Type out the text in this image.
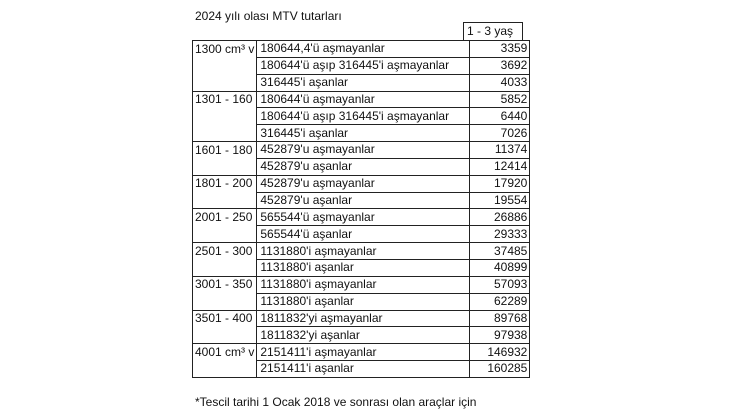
2024 yılı olası MTV tutarları
1 - 3 yaş
1300 cm³ v	180644,4'ü aşmayanlar	3359
	180644'ü aşıp 316445'i aşmayanlar	3692
	316445'i aşanlar	4033
1301 - 160	180644'ü aşmayanlar	5852
	180644'ü aşıp 316445'i aşmayanlar	6440
	316445'i aşanlar	7026
1601 - 180	452879'u aşmayanlar	11374
	452879'u aşanlar	12414
1801 - 200	452879'u aşmayanlar	17920
	452879'u aşanlar	19554
2001 - 250	565544'ü aşmayanlar	26886
	565544'ü aşanlar	29333
2501 - 300	1131880'i aşmayanlar	37485
	1131880'i aşanlar	40899
3001 - 350	1131880'i aşmayanlar	57093
	1131880'i aşanlar	62289
3501 - 400	1811832'yi aşmayanlar	89768
	1811832'yi aşanlar	97938
4001 cm³ v	2151411'i aşmayanlar	146932
	2151411'i aşanlar	160285
*Tescil tarihi 1 Ocak 2018 ve sonrası olan araçlar için
